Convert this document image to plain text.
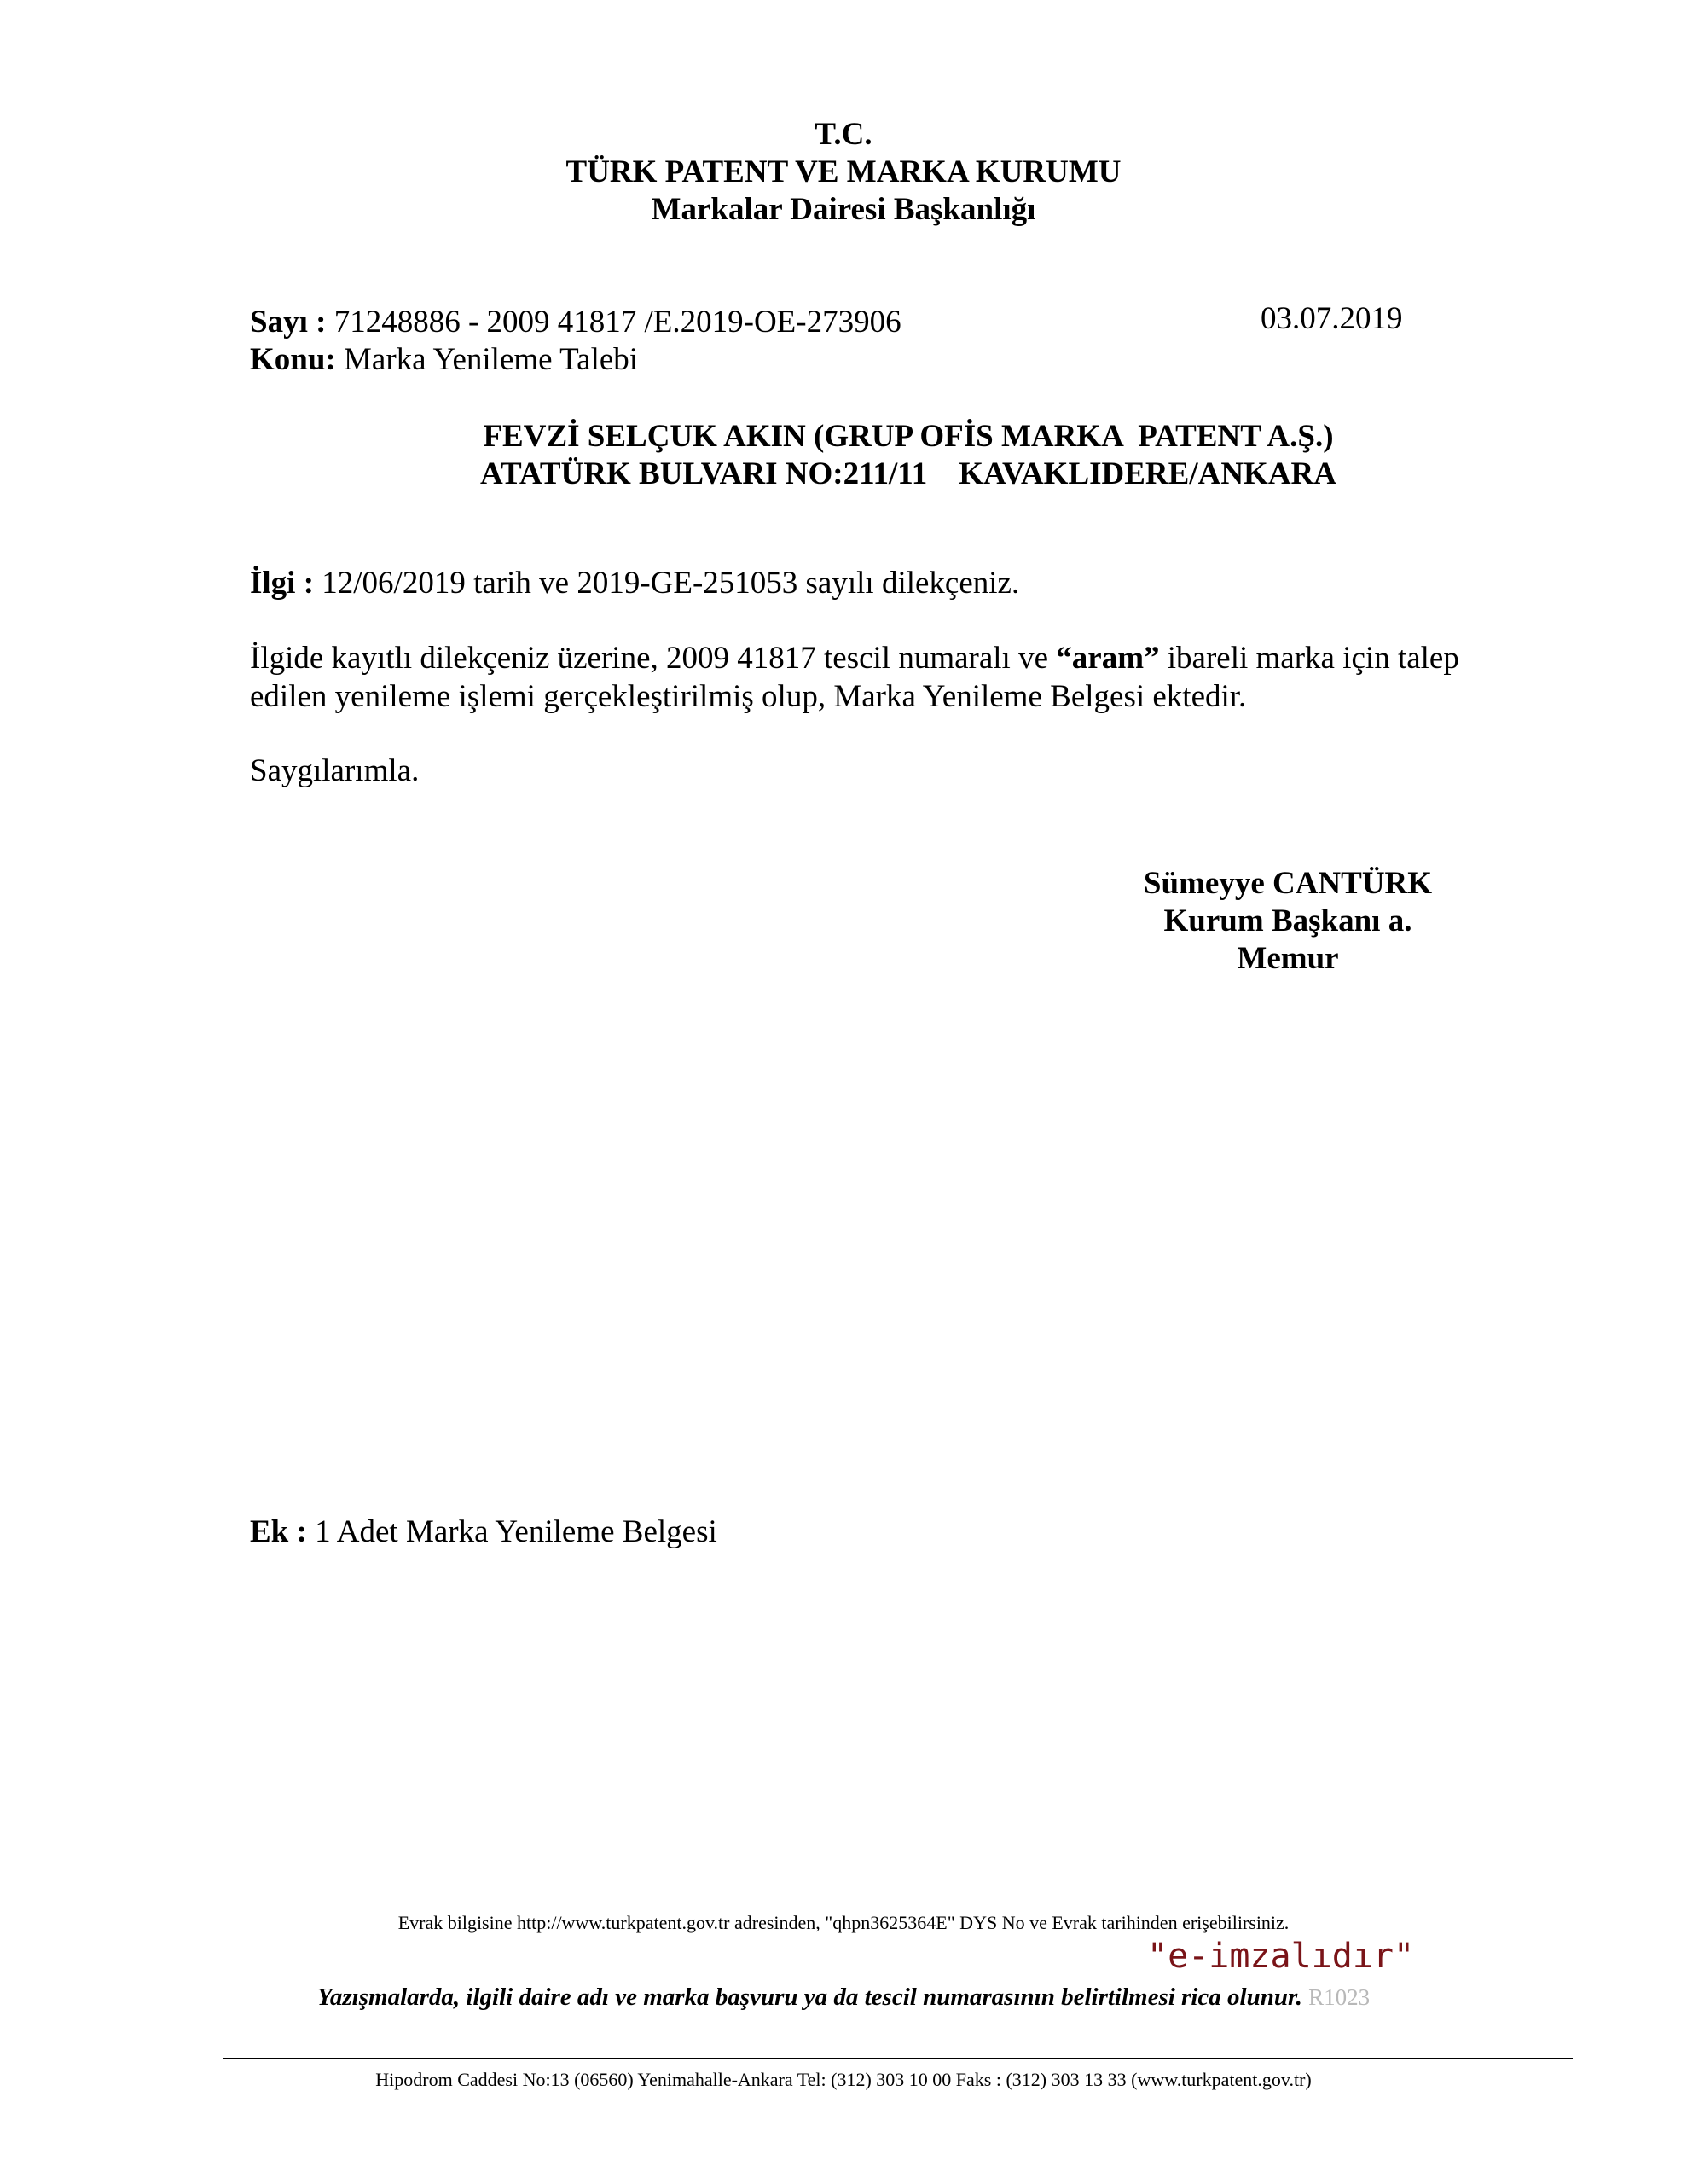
T.C.
TÜRK PATENT VE MARKA KURUMU
Markalar Dairesi Başkanlığı
Sayı : 71248886 - 2009 41817 /E.2019-OE-273906	03.07.2019
Konu: Marka Yenileme Talebi
FEVZİ SELÇUK AKIN (GRUP OFİS MARKA  PATENT A.Ş.)
ATATÜRK BULVARI NO:211/11    KAVAKLIDERE/ANKARA
İlgi : 12/06/2019 tarih ve 2019-GE-251053 sayılı dilekçeniz.
İlgide kayıtlı dilekçeniz üzerine, 2009 41817 tescil numaralı ve “aram” ibareli marka için talep edilen yenileme işlemi gerçekleştirilmiş olup, Marka Yenileme Belgesi ektedir.
Saygılarımla.
Sümeyye CANTÜRK
Kurum Başkanı a.
Memur
Ek : 1 Adet Marka Yenileme Belgesi
Evrak bilgisine http://www.turkpatent.gov.tr adresinden, "qhpn3625364E" DYS No ve Evrak tarihinden erişebilirsiniz.
"e-imzalıdır"
Yazışmalarda, ilgili daire adı ve marka başvuru ya da tescil numarasının belirtilmesi rica olunur. R1023
Hipodrom Caddesi No:13 (06560) Yenimahalle-Ankara Tel: (312) 303 10 00 Faks : (312) 303 13 33 (www.turkpatent.gov.tr)
